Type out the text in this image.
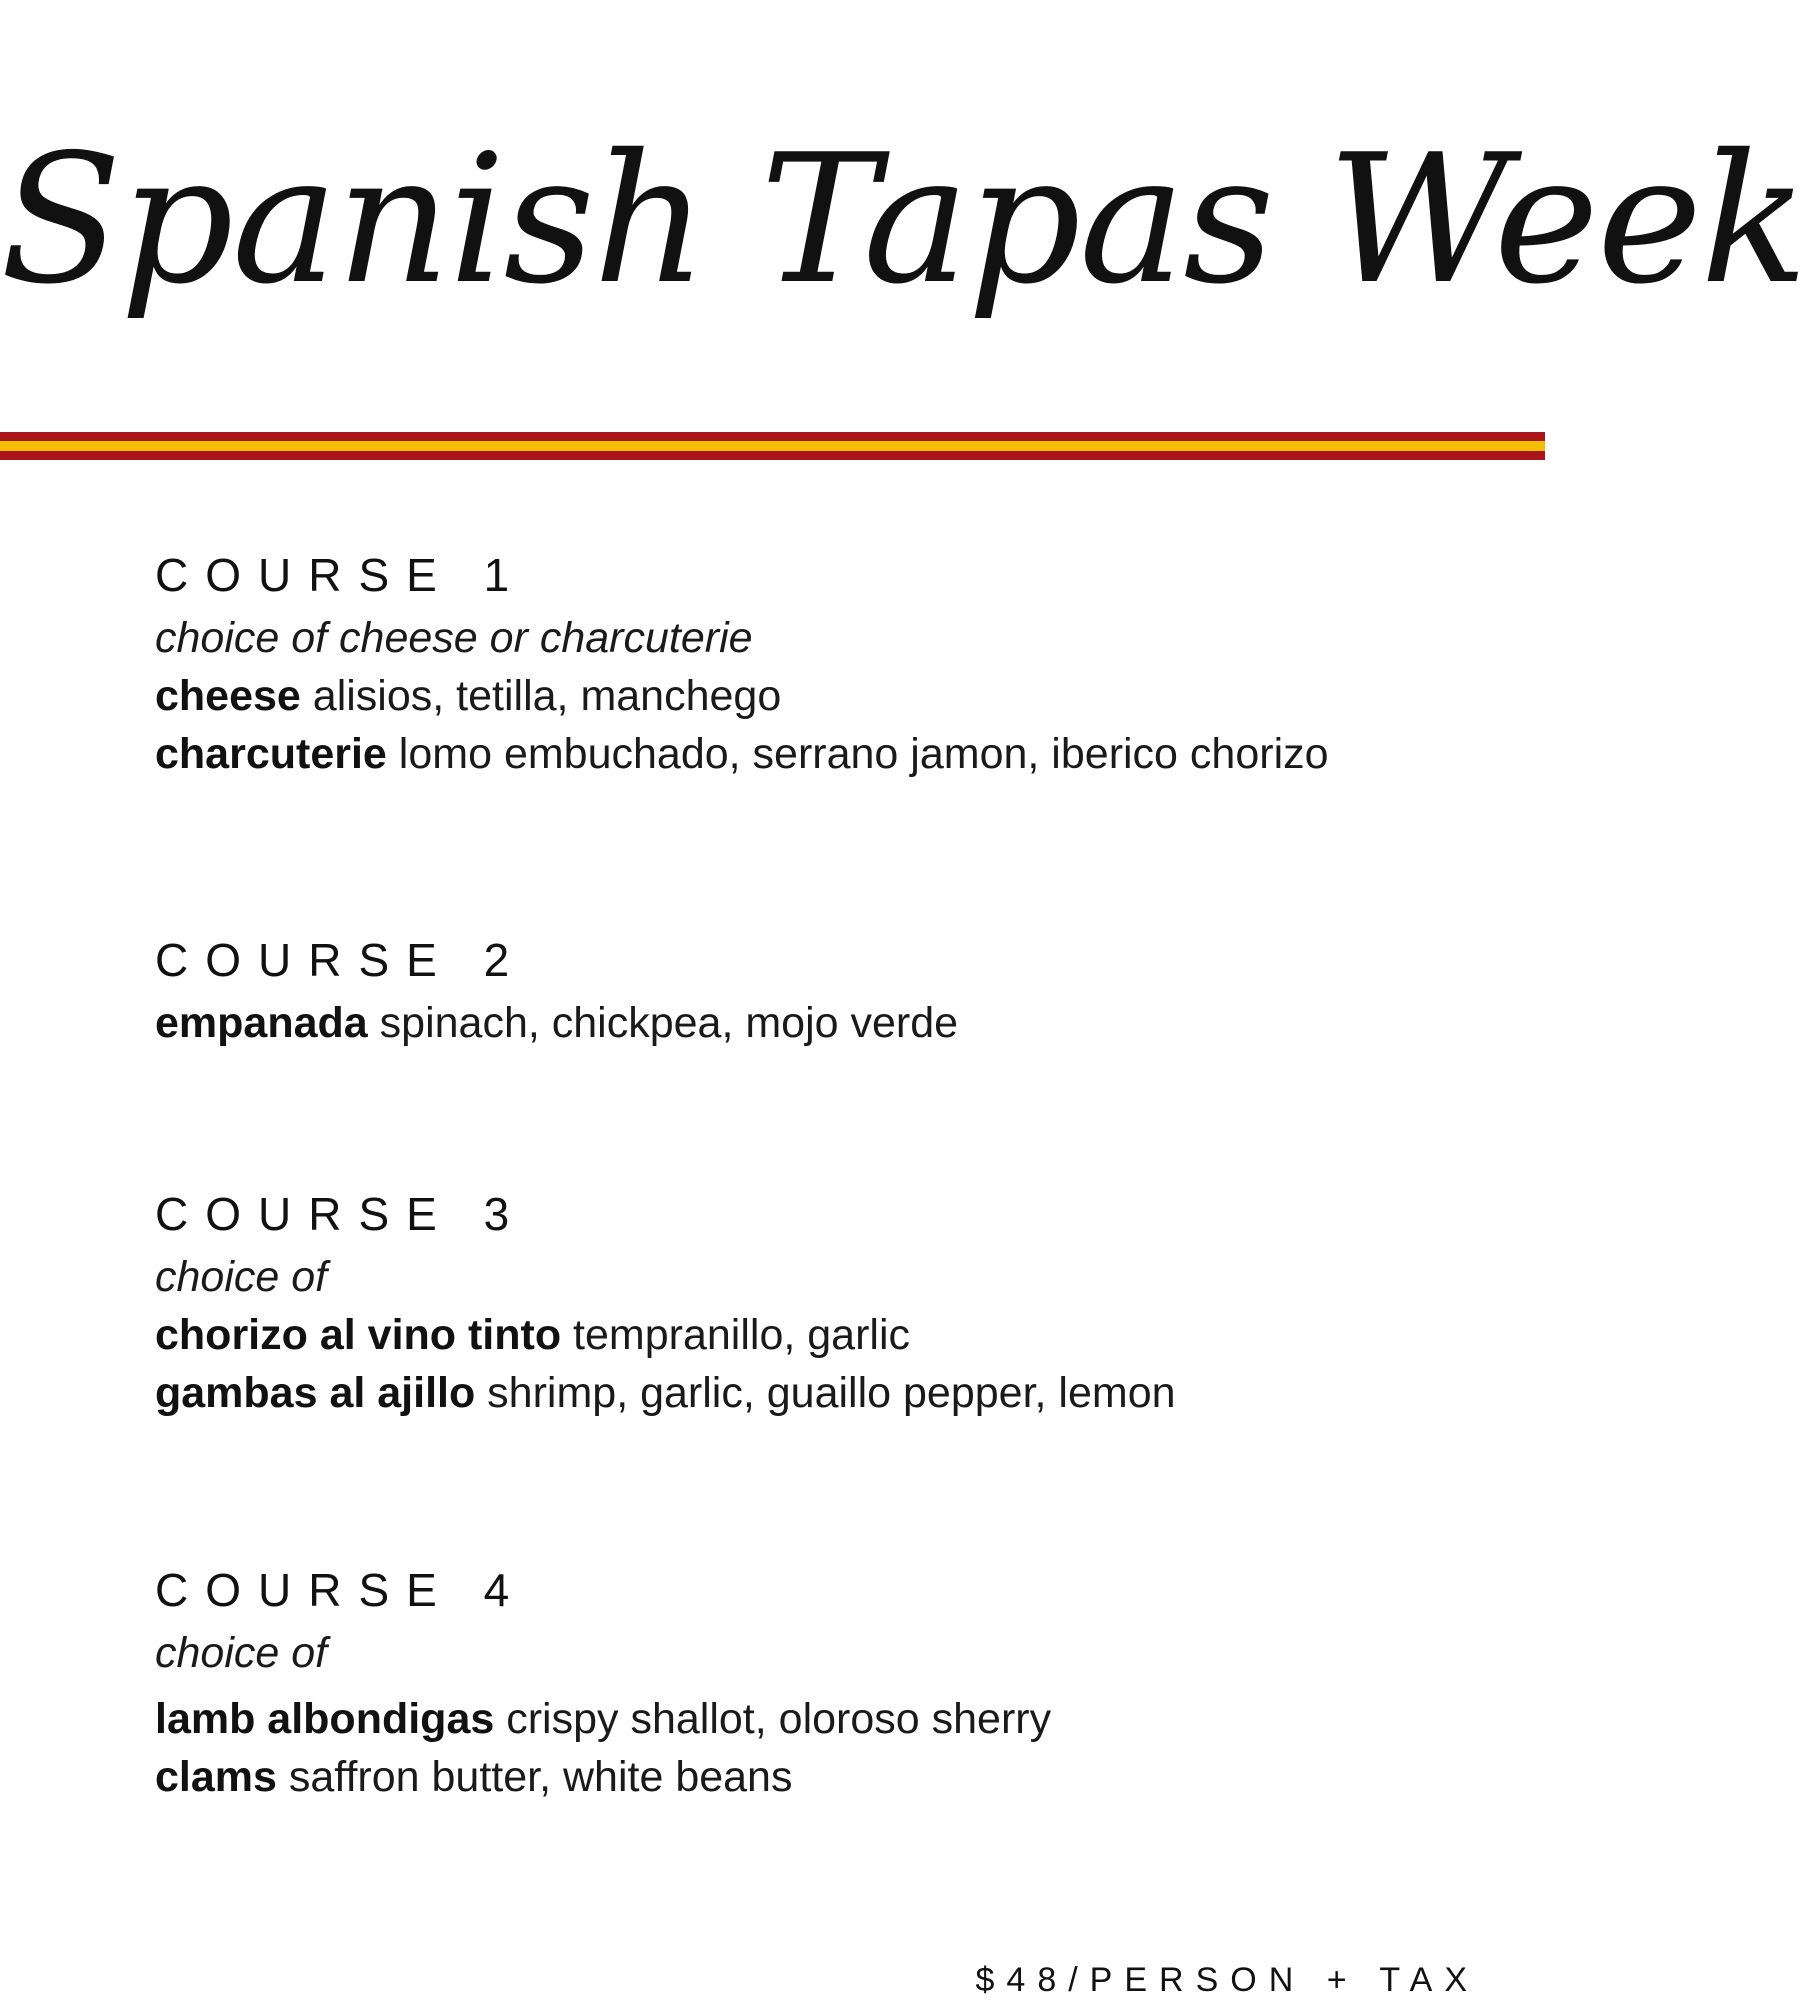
Spanish Tapas Week
COURSE 1
choice of cheese or charcuterie
cheese alisios, tetilla, manchego
charcuterie lomo embuchado, serrano jamon, iberico chorizo
COURSE 2
empanada spinach, chickpea, mojo verde
COURSE 3
choice of
chorizo al vino tinto tempranillo, garlic
gambas al ajillo shrimp, garlic, guaillo pepper, lemon
COURSE 4
choice of
lamb albondigas crispy shallot, oloroso sherry
clams saffron butter, white beans
$48/PERSON + TAX
